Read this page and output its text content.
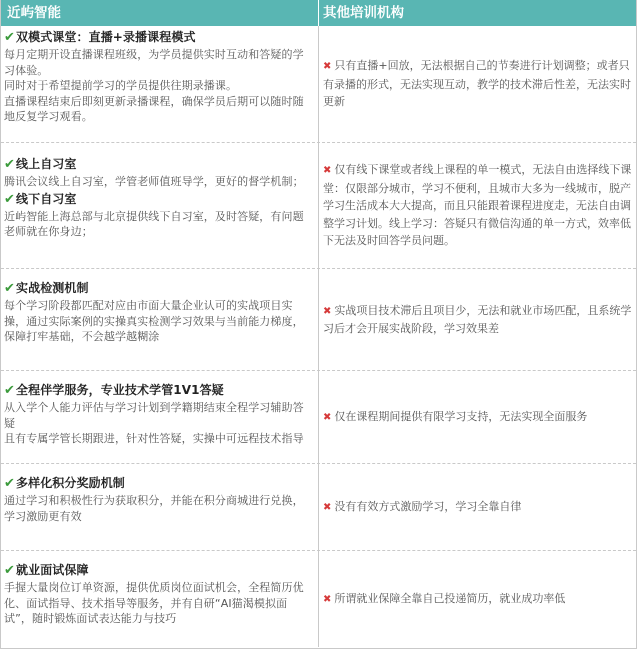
近屿智能	其他培训机构
✔双模式课堂：直播+录播课程模式
每月定期开设直播课程班级，为学员提供实时互动和答疑的学习体验。
同时对于希望提前学习的学员提供往期录播课。
直播课程结束后即刻更新录播课程，确保学员后期可以随时随地反复学习观看。
✖ 只有直播+回放，无法根据自己的节奏进行计划调整；或者只有录播的形式，无法实现互动，教学的技术滞后性差，无法实时更新
✔线上自习室
腾讯会议线上自习室，学管老师值班导学，更好的督学机制；
✔线下自习室
近屿智能上海总部与北京提供线下自习室，及时答疑，有问题老师就在你身边；
✖ 仅有线下课堂或者线上课程的单一模式，无法自由选择线下课堂：仅限部分城市，学习不便利，且城市大多为一线城市，脱产学习生活成本大大提高，而且只能跟着课程进度走，无法自由调整学习计划。线上学习：答疑只有微信沟通的单一方式，效率低下无法及时回答学员问题。
✔实战检测机制
每个学习阶段都匹配对应由市面大量企业认可的实战项目实操，通过实际案例的实操真实检测学习效果与当前能力梯度，保障打牢基础，不会越学越糊涂
✖ 实战项目技术滞后且项目少，无法和就业市场匹配，且系统学习后才会开展实战阶段，学习效果差
✔全程伴学服务，专业技术学管1V1答疑
从入学个人能力评估与学习计划到学籍期结束全程学习辅助答疑
且有专属学管长期跟进，针对性答疑，实操中可远程技术指导
✖ 仅在课程期间提供有限学习支持，无法实现全面服务
✔多样化积分奖励机制
通过学习和积极性行为获取积分，并能在积分商城进行兑换，学习激励更有效
✖ 没有有效方式激励学习，学习全靠自律
✔就业面试保障
手握大量岗位订单资源，提供优质岗位面试机会，全程简历优化、面试指导、技术指导等服务，并有自研“AI猫渴模拟面试”，随时锻炼面试表达能力与技巧
✖ 所谓就业保障全靠自己投递简历，就业成功率低
